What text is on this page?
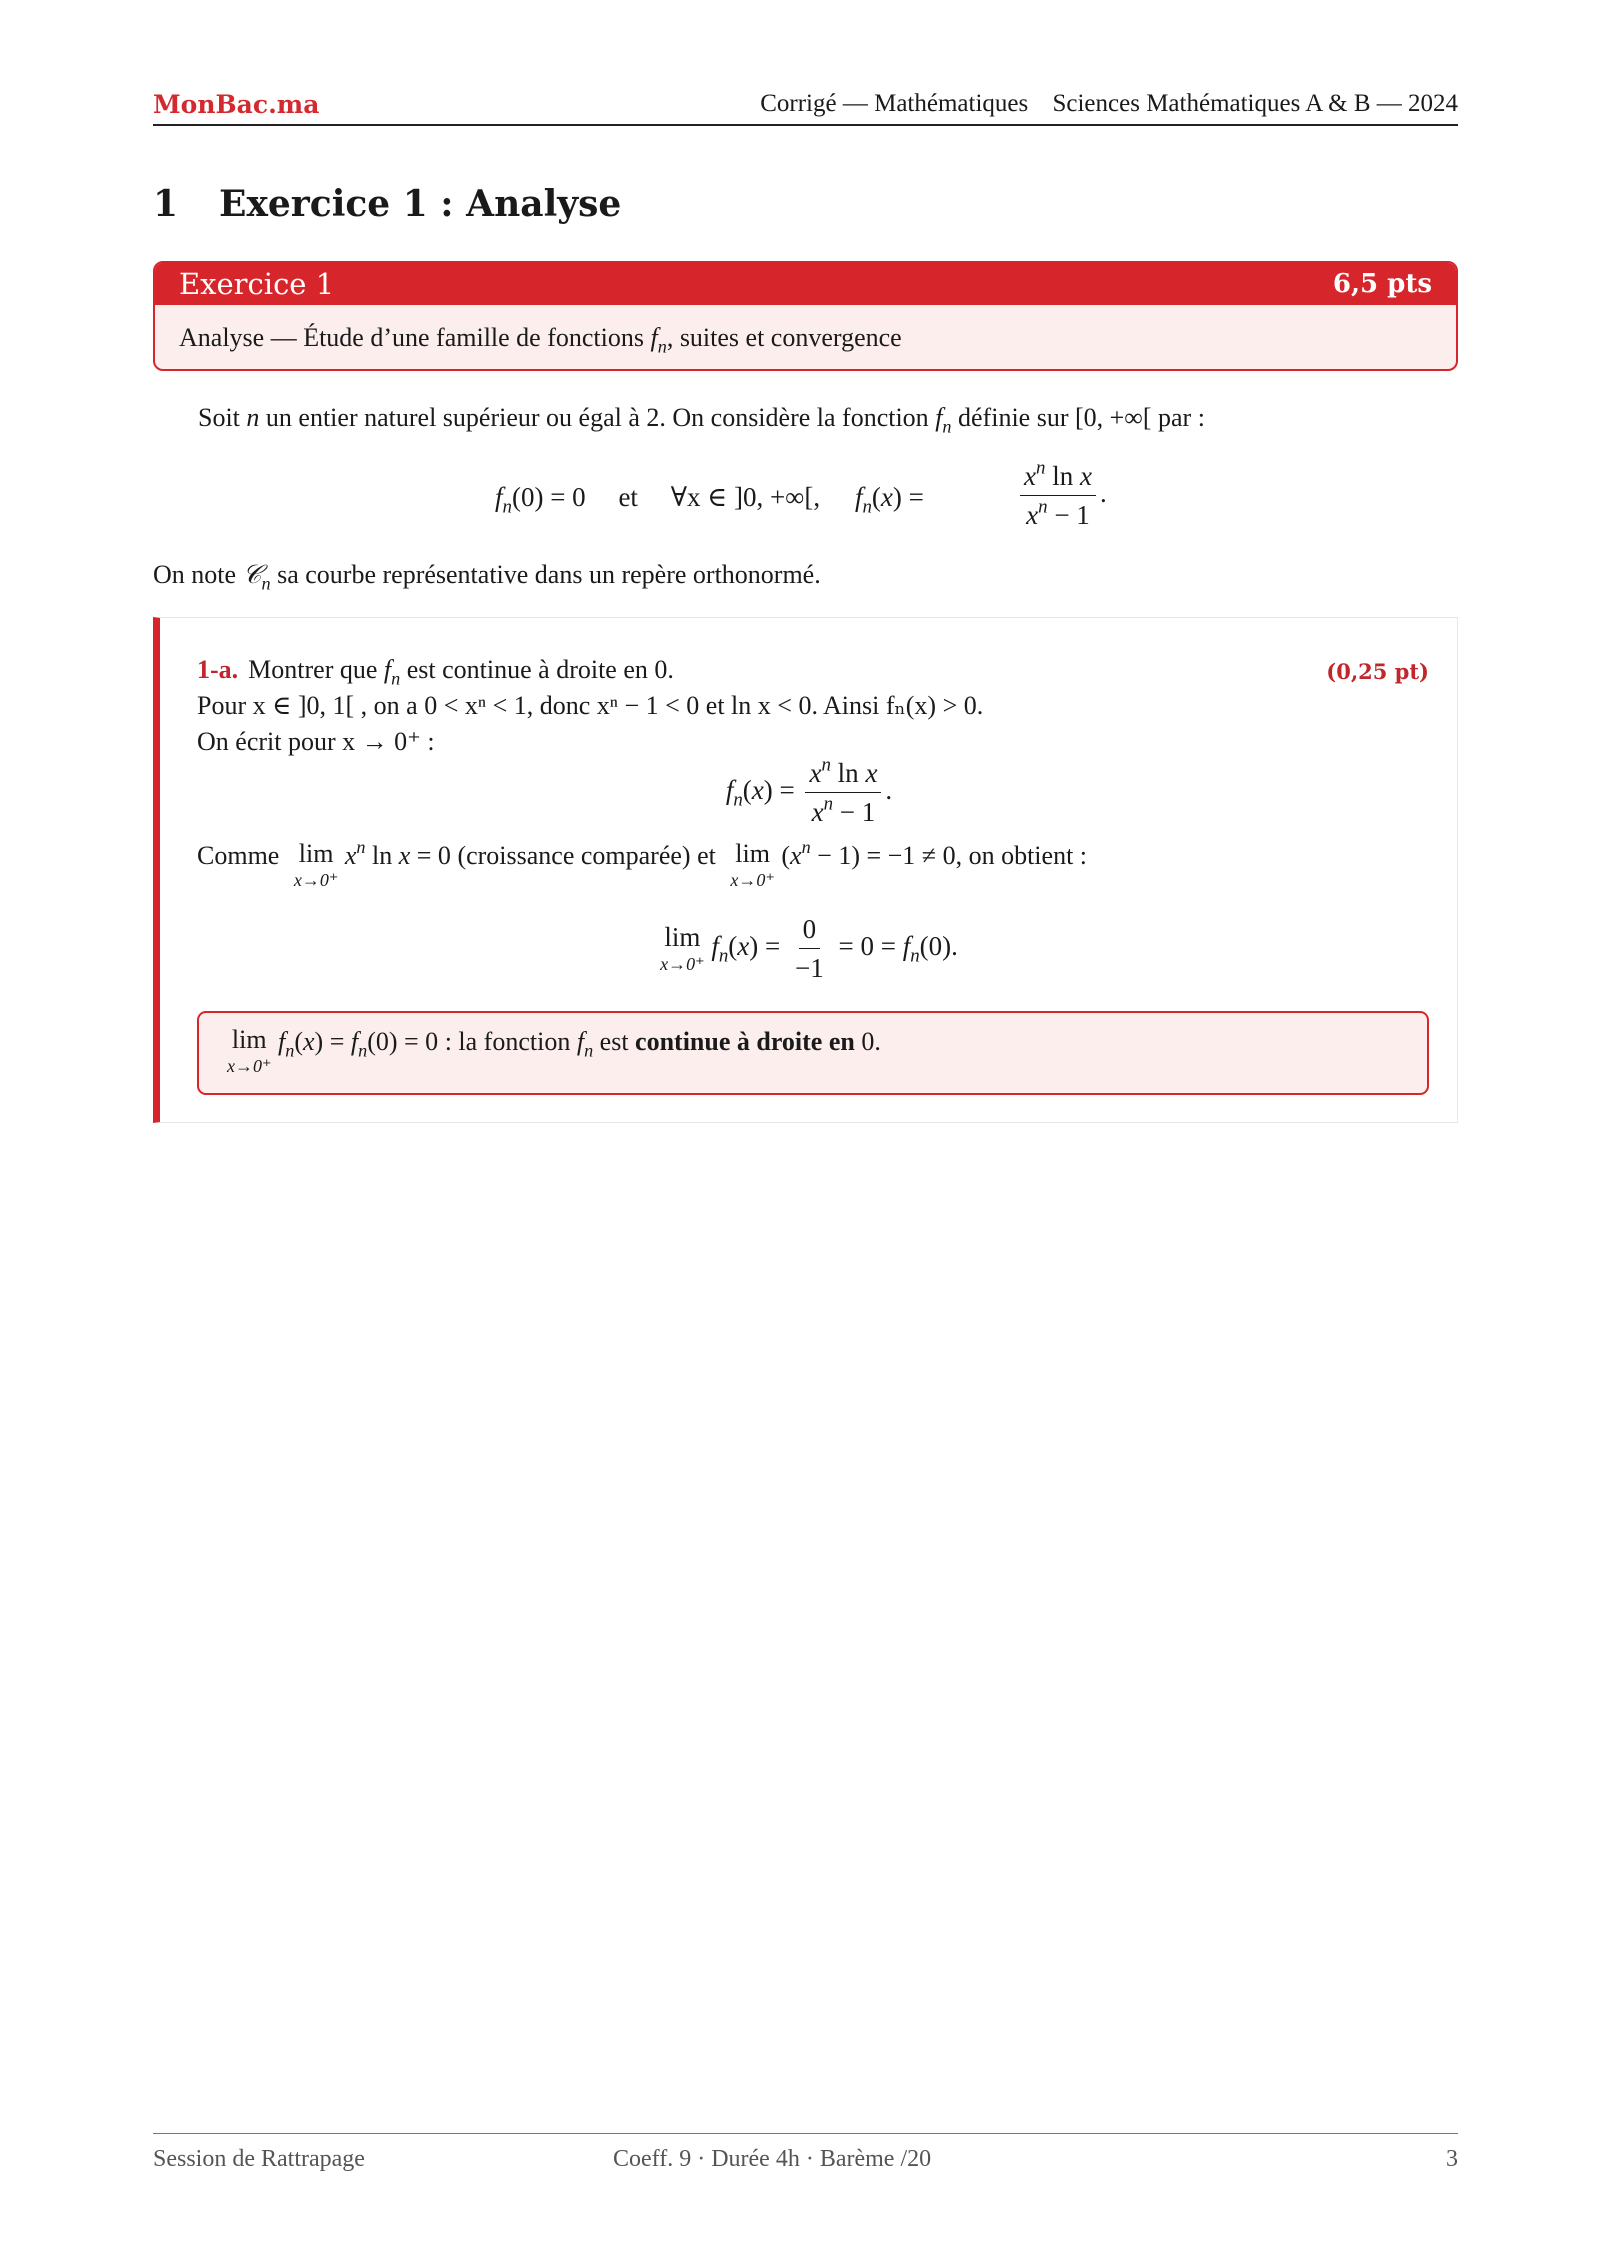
MonBac.ma	Corrigé — Mathématiques Sciences Mathématiques A & B — 2024
1 Exercice 1 : Analyse
Exercice 1	6,5 pts
Analyse — Étude d’une famille de fonctions $f_n$, suites et convergence
Soit n un entier naturel supérieur ou égal à 2. On considère la fonction $f_n$ définie sur [0, +∞[ par :
$f_n(0) = 0$ et ∀x ∈ ]0, +∞[, $f_n(x)$ =	$\frac{x^n \ln x}{x^n - 1}$ .
On note 𝒞$_n$ sa courbe représentative dans un repère orthonormé.
1-a. Montrer que $f_n$ est continue à droite en 0.	(0,25 pt)
Pour x ∈ ]0, 1[ , on a 0 < xⁿ < 1, donc xⁿ − 1 < 0 et ln x < 0. Ainsi fₙ(x) > 0.
On écrit pour x → 0⁺ :
$f_n(x) = \frac{x^n \ln x}{x^n - 1}$ .
Comme lim
x→0⁺
$x^n$ ln x = 0 (croissance comparée) et lim
x→0⁺
$(x^n - 1) = -1 \ne 0$, on obtient :
lim
x→0⁺
$f_n(x) = \frac{0}{-1} = 0 = f_n(0)$.
lim
x→0⁺
$f_n(x) = f_n(0) = 0$ : la fonction $f_n$ est continue à droite en 0.
Session de Rattrapage	Coeff. 9 · Durée 4h · Barème /20	3
